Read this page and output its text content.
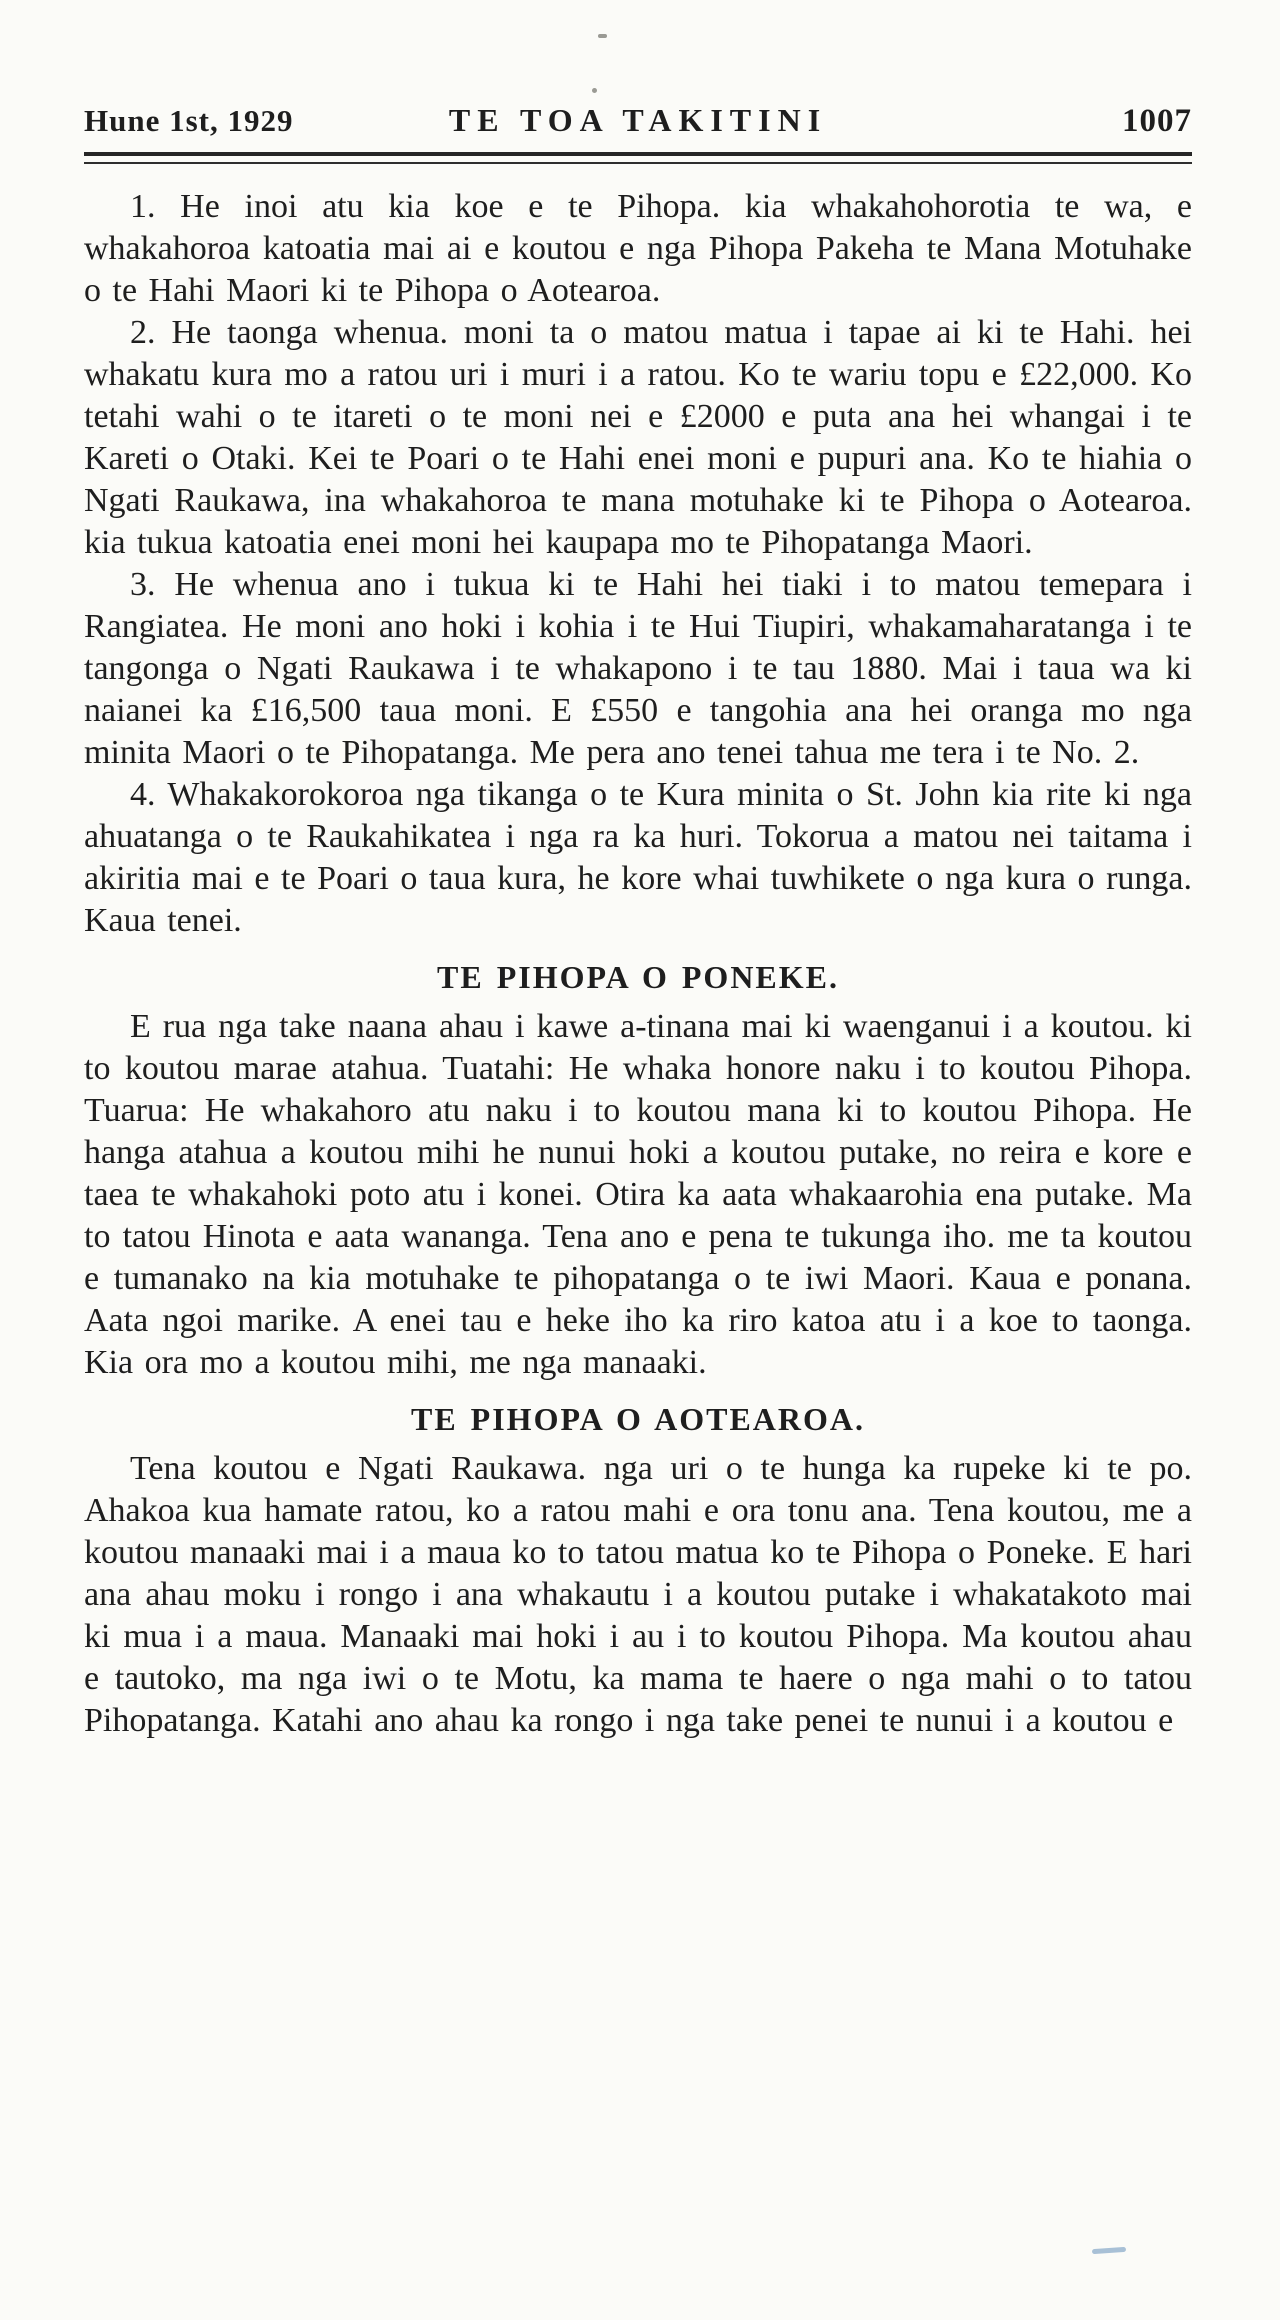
Hune 1st, 1929	TE TOA TAKITINI	1007

1. He inoi atu kia koe e te Pihopa. kia whakahohorotia te wa, e whakahoroa katoatia mai ai e koutou e nga Pihopa Pakeha te Mana Motuhake o te Hahi Maori ki te Pihopa o Aotearoa.

2. He taonga whenua. moni ta o matou matua i tapae ai ki te Hahi. hei whakatu kura mo a ratou uri i muri i a ratou. Ko te wariu topu e £22,000. Ko tetahi wahi o te itareti o te moni nei e £2000 e puta ana hei whangai i te Kareti o Otaki. Kei te Poari o te Hahi enei moni e pupuri ana. Ko te hiahia o Ngati Raukawa, ina whakahoroa te mana motuhake ki te Pihopa o Aotearoa. kia tukua katoatia enei moni hei kaupapa mo te Pihopatanga Maori.

3. He whenua ano i tukua ki te Hahi hei tiaki i to matou temepara i Rangiatea. He moni ano hoki i kohia i te Hui Tiupiri, whakamaharatanga i te tangonga o Ngati Raukawa i te whakapono i te tau 1880. Mai i taua wa ki naianei ka £16,500 taua moni. E £550 e tangohia ana hei oranga mo nga minita Maori o te Pihopatanga. Me pera ano tenei tahua me tera i te No. 2.

4. Whakakorokoroa nga tikanga o te Kura minita o St. John kia rite ki nga ahuatanga o te Raukahikatea i nga ra ka huri. Tokorua a matou nei taitama i akiritia mai e te Poari o taua kura, he kore whai tuwhikete o nga kura o runga. Kaua tenei.

TE PIHOPA O PONEKE.

E rua nga take naana ahau i kawe a-tinana mai ki waenganui i a koutou. ki to koutou marae atahua. Tuatahi: He whaka honore naku i to koutou Pihopa. Tuarua: He whakahoro atu naku i to koutou mana ki to koutou Pihopa. He hanga atahua a koutou mihi he nunui hoki a koutou putake, no reira e kore e taea te whakahoki poto atu i konei. Otira ka aata whakaarohia ena putake. Ma to tatou Hinota e aata wananga. Tena ano e pena te tukunga iho. me ta koutou e tumanako na kia motuhake te pihopatanga o te iwi Maori. Kaua e ponana. Aata ngoi marike. A enei tau e heke iho ka riro katoa atu i a koe to taonga. Kia ora mo a koutou mihi, me nga manaaki.

TE PIHOPA O AOTEAROA.

Tena koutou e Ngati Raukawa. nga uri o te hunga ka rupeke ki te po. Ahakoa kua hamate ratou, ko a ratou mahi e ora tonu ana. Tena koutou, me a koutou manaaki mai i a maua ko to tatou matua ko te Pihopa o Poneke. E hari ana ahau moku i rongo i ana whakautu i a koutou putake i whakatakoto mai ki mua i a maua. Manaaki mai hoki i au i to koutou Pihopa. Ma koutou ahau e tautoko, ma nga iwi o te Motu, ka mama te haere o nga mahi o to tatou Pihopatanga. Katahi ano ahau ka rongo i nga take penei te nunui i a koutou e
